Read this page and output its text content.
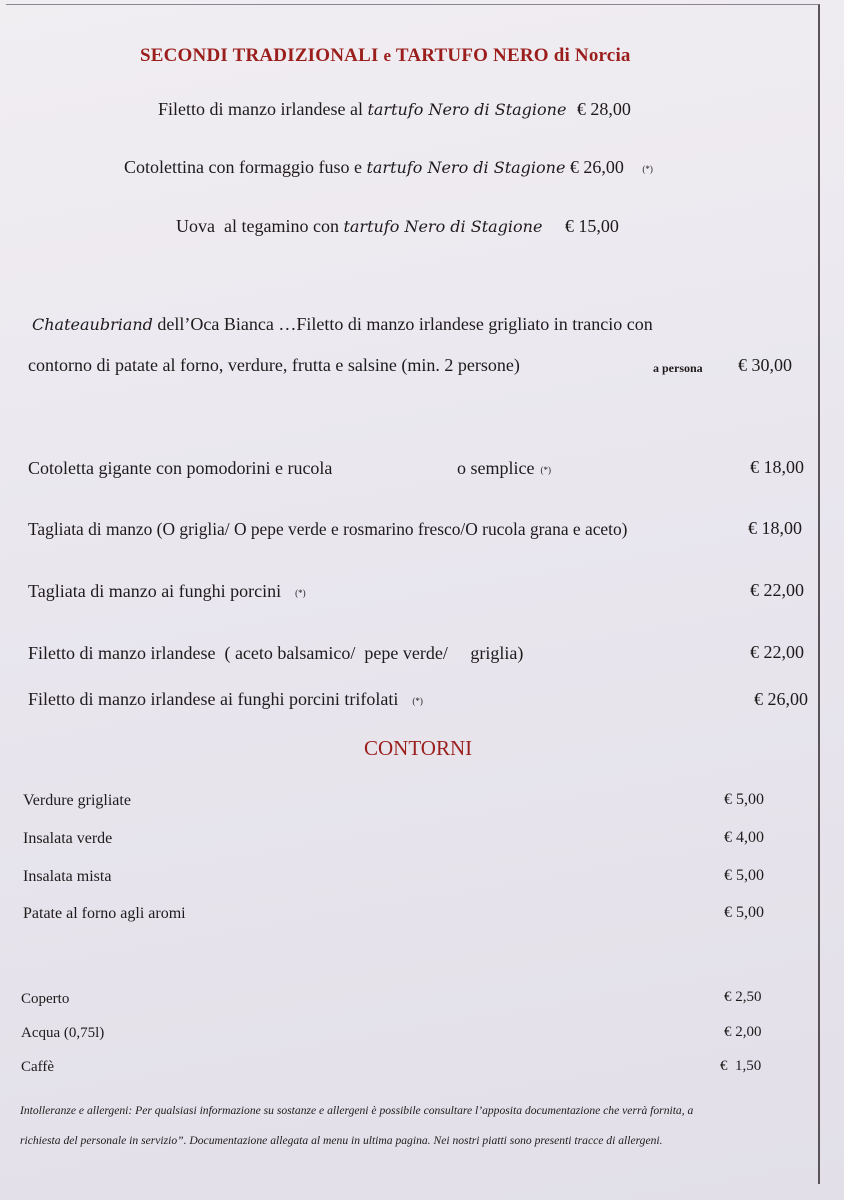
SECONDI TRADIZIONALI e TARTUFO NERO di Norcia
Filetto di manzo irlandese al tartufo Nero di Stagione € 28,00
Cotolettina con formaggio fuso e tartufo Nero di Stagione € 26,00 (*)
Uova  al tegamino con tartufo Nero di Stagione € 15,00
Chateaubriand dell’Oca Bianca …Filetto di manzo irlandese grigliato in trancio con
contorno di patate al forno, verdure, frutta e salsine (min. 2 persone)	a persona € 30,00
Cotoletta gigante con pomodorini e rucola	o semplice (*)	€ 18,00
Tagliata di manzo (O griglia/ O pepe verde e rosmarino fresco/O rucola grana e aceto)	€ 18,00
Tagliata di manzo ai funghi porcini (*)	€ 22,00
Filetto di manzo irlandese  ( aceto balsamico/  pepe verde/     griglia)	€ 22,00
Filetto di manzo irlandese ai funghi porcini trifolati (*)	€ 26,00
CONTORNI
Verdure grigliate	€ 5,00
Insalata verde	€ 4,00
Insalata mista	€ 5,00
Patate al forno agli aromi	€ 5,00
Coperto	€ 2,50
Acqua (0,75l)	€ 2,00
Caffè	€  1,50
Intolleranze e allergeni: Per qualsiasi informazione su sostanze e allergeni è possibile consultare l’apposita documentazione che verrà fornita, a
richiesta del personale in servizio”. Documentazione allegata al menu in ultima pagina. Nei nostri piatti sono presenti tracce di allergeni.
